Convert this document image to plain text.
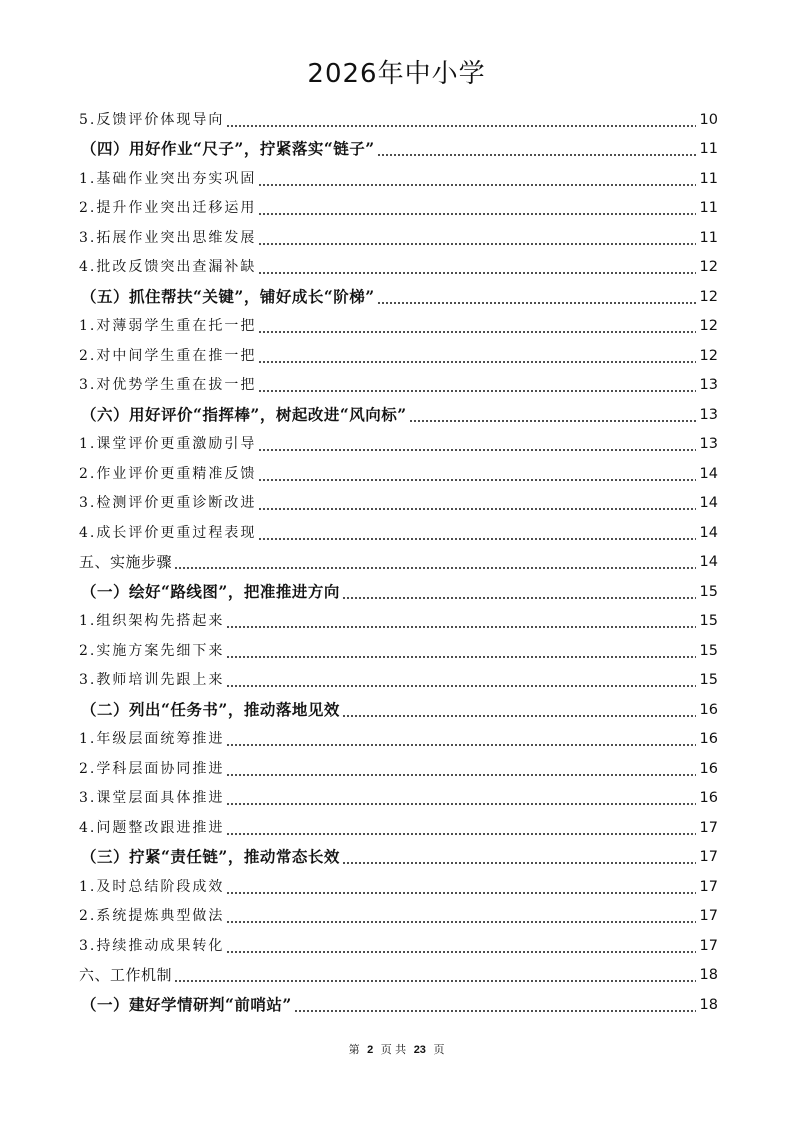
2026年中小学
5.反馈评价体现导向	10
（四）用好作业“尺子”，拧紧落实“链子”	11
1.基础作业突出夯实巩固	11
2.提升作业突出迁移运用	11
3.拓展作业突出思维发展	11
4.批改反馈突出查漏补缺	12
（五）抓住帮扶“关键”，铺好成长“阶梯”	12
1.对薄弱学生重在托一把	12
2.对中间学生重在推一把	12
3.对优势学生重在拔一把	13
（六）用好评价“指挥棒”，树起改进“风向标”	13
1.课堂评价更重激励引导	13
2.作业评价更重精准反馈	14
3.检测评价更重诊断改进	14
4.成长评价更重过程表现	14
五、实施步骤	14
（一）绘好“路线图”，把准推进方向	15
1.组织架构先搭起来	15
2.实施方案先细下来	15
3.教师培训先跟上来	15
（二）列出“任务书”，推动落地见效	16
1.年级层面统筹推进	16
2.学科层面协同推进	16
3.课堂层面具体推进	16
4.问题整改跟进推进	17
（三）拧紧“责任链”，推动常态长效	17
1.及时总结阶段成效	17
2.系统提炼典型做法	17
3.持续推动成果转化	17
六、工作机制	18
（一）建好学情研判“前哨站”	18
第 2 页 共 23 页
